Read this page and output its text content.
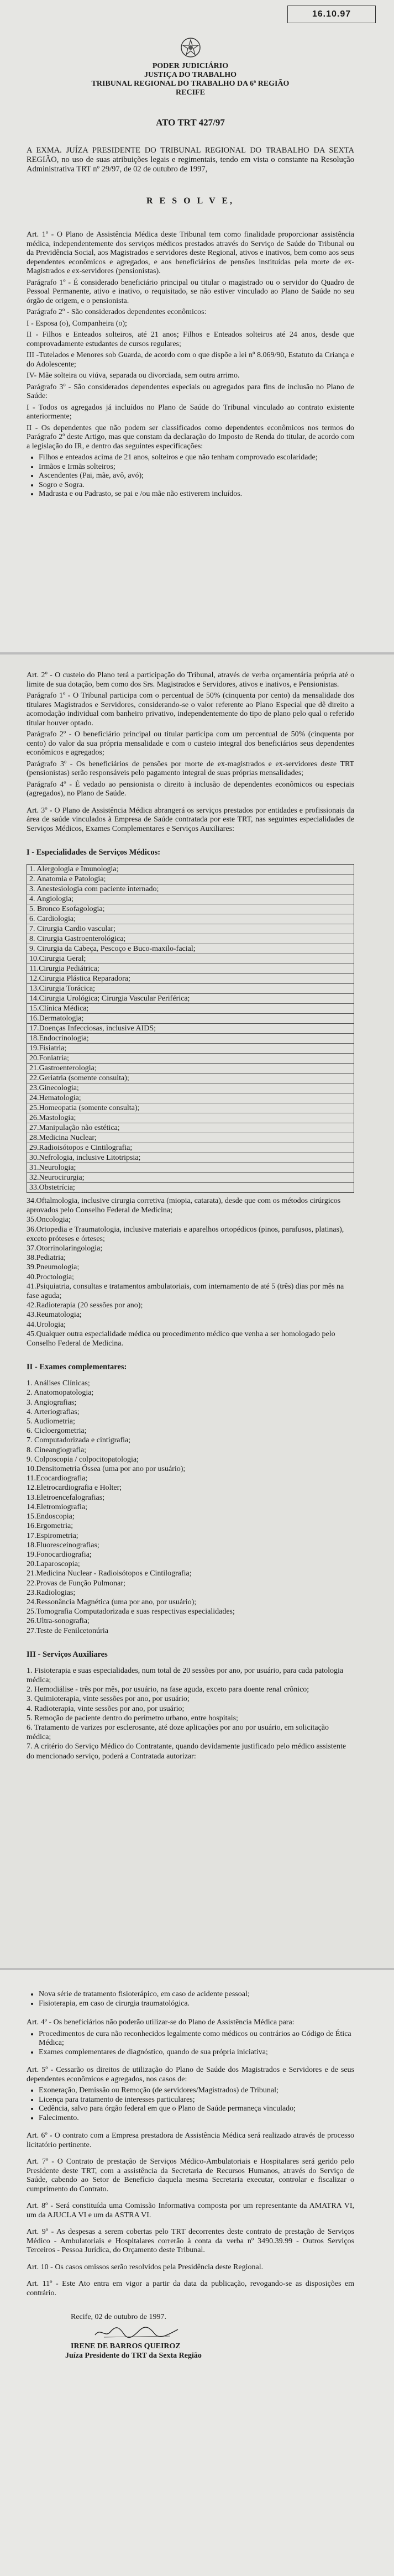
16.10.97

PODER JUDICIÁRIO

JUSTIÇA DO TRABALHO

TRIBUNAL REGIONAL DO TRABALHO DA 6ª REGIÃO

RECIFE

ATO TRT 427/97

A EXMA. JUÍZA PRESIDENTE DO TRIBUNAL REGIONAL DO TRABALHO DA SEXTA REGIÃO, no uso de suas atribuições legais e regimentais, tendo em vista o constante na Resolução Administrativa TRT nº 29/97, de 02 de outubro de 1997,

R E S O L V E,

Art. 1º - O Plano de Assistência Médica deste Tribunal tem como finalidade proporcionar assistência médica, independentemente dos serviços médicos prestados através do Serviço de Saúde do Tribunal ou da Previdência Social, aos Magistrados e servidores deste Regional, ativos e inativos, bem como aos seus dependentes econômicos e agregados, e aos beneficiários de pensões instituídas pela morte de ex-Magistrados e ex-servidores (pensionistas).

Parágrafo 1º - É considerado beneficiário principal ou titular o magistrado ou o servidor do Quadro de Pessoal Permanente, ativo e inativo, o requisitado, se não estiver vinculado ao Plano de Saúde no seu órgão de origem, e o pensionista.

Parágrafo 2º - São considerados dependentes econômicos:

I - Esposa (o), Companheira (o);

II - Filhos e Enteados solteiros, até 21 anos; Filhos e Enteados solteiros até 24 anos, desde que comprovadamente estudantes de cursos regulares;

III -Tutelados e Menores sob Guarda, de acordo com o que dispõe a lei nº 8.069/90, Estatuto da Criança e do Adolescente;

IV- Mãe solteira ou viúva, separada ou divorciada, sem outra arrimo.

Parágrafo 3º - São considerados dependentes especiais ou agregados para fins de inclusão no Plano de Saúde:

I - Todos os agregados já incluídos no Plano de Saúde do Tribunal vinculado ao contrato existente anteriormente;

II - Os dependentes que não podem ser classificados como dependentes econômicos nos termos do Parágrafo 2º deste Artigo, mas que constam da declaração do Imposto de Renda do titular, de acordo com a legislação do IR, e dentro das seguintes especificações:

• Filhos e enteados acima de 21 anos, solteiros e que não tenham comprovado escolaridade;
• Irmãos e Irmãs solteiros;
• Ascendentes (Pai, mãe, avô, avó);
• Sogro e Sogra.
• Madrasta e ou Padrasto, se pai e /ou mãe não estiverem incluídos.

Art. 2º - O custeio do Plano terá a participação do Tribunal, através de verba orçamentária própria até o limite de sua dotação, bem como dos Srs. Magistrados e Servidores, ativos e inativos, e Pensionistas.

Parágrafo 1º - O Tribunal participa com o percentual de 50% (cinquenta por cento) da mensalidade dos titulares Magistrados e Servidores, considerando-se o valor referente ao Plano Especial que dê direito a acomodação individual com banheiro privativo, independentemente do tipo de plano pelo qual o referido titular houver optado.

Parágrafo 2º - O beneficiário principal ou titular participa com um percentual de 50% (cinquenta por cento) do valor da sua própria mensalidade e com o custeio integral dos beneficiários seus dependentes econômicos e agregados;

Parágrafo 3º - Os beneficiários de pensões por morte de ex-magistrados e ex-servidores deste TRT (pensionistas) serão responsáveis pelo pagamento integral de suas próprias mensalidades;

Parágrafo 4º - É vedado ao pensionista o direito à inclusão de dependentes econômicos ou especiais (agregados), no Plano de Saúde.

Art. 3º - O Plano de Assistência Médica abrangerá os serviços prestados por entidades e profissionais da área de saúde vinculados à Empresa de Saúde contratada por este TRT, nas seguintes especialidades de Serviços Médicos, Exames Complementares e Serviços Auxiliares:

I - Especialidades de Serviços Médicos:
1. Alergologia e Imunologia;
2. Anatomia e Patologia;
3. Anestesiologia com paciente internado;
4. Angiologia;
5. Bronco Esofagologia;
6. Cardiologia;
7. Cirurgia Cardio vascular;
8. Cirurgia Gastroenterológica;
9. Cirurgia da Cabeça, Pescoço e Buco-maxilo-facial;
10.Cirurgia Geral;
11.Cirurgia Pediátrica;
12.Cirurgia Plástica Reparadora;
13.Cirurgia Torácica;
14.Cirurgia Urológica; Cirurgia Vascular Periférica;
15.Clínica Médica;
16.Dermatologia;
17.Doenças Infecciosas, inclusive AIDS;
18.Endocrinologia;
19.Fisiatria;
20.Foniatria;
21.Gastroenterologia;
22.Geriatria (somente consulta);
23.Ginecologia;
24.Hematologia;
25.Homeopatia (somente consulta);
26.Mastologia;
27.Manipulação não estética;
28.Medicina Nuclear;
29.Radioisótopos e Cintilografia;
30.Nefrologia, inclusive Litotripsia;
31.Neurologia;
32.Neurocirurgia;
33.Obstetrícia;
34.Oftalmologia, inclusive cirurgia corretiva (miopia, catarata), desde que com os métodos cirúrgicos aprovados pelo Conselho Federal de Medicina;
35.Oncologia;
36.Ortopedia e Traumatologia, inclusive materiais e aparelhos ortopédicos (pinos, parafusos, platinas), exceto próteses e órteses;
37.Otorrinolaringologia;
38.Pediatria;
39.Pneumologia;
40.Proctologia;
41.Psiquiatria, consultas e tratamentos ambulatoriais, com internamento de até 5 (três) dias por mês na fase aguda;
42.Radioterapia (20 sessões por ano);
43.Reumatologia;
44.Urologia;
45.Qualquer outra especialidade médica ou procedimento médico que venha a ser homologado pelo Conselho Federal de Medicina.
II - Exames complementares:
1. Análises Clínicas;
2. Anatomopatologia;
3. Angiografias;
4. Arteriografias;
5. Audiometria;
6. Cicloergometria;
7. Computadorizada e cintigrafia;
8. Cineangiografia;
9. Colposcopia / colpocitopatologia;
10.Densitometria Óssea (uma por ano por usuário);
11.Ecocardiografia;
12.Eletrocardiografia e Holter;
13.Eletroencefalografias;
14.Eletromiografia;
15.Endoscopia;
16.Ergometria;
17.Espirometria;
18.Fluoresceinografias;
19.Fonocardiografia;
20.Laparoscopia;
21.Medicina Nuclear - Radioisótopos e Cintilografia;
22.Provas de Função Pulmonar;
23.Radiologias;
24.Ressonância Magnética (uma por ano, por usuário);
25.Tomografia Computadorizada e suas respectivas especialidades;
26.Ultra-sonografia;
27.Teste de Fenilcetonúria
III - Serviços Auxiliares
1. Fisioterapia e suas especialidades, num total de 20 sessões por ano, por usuário, para cada patologia médica;
2. Hemodiálise - três por mês, por usuário, na fase aguda, exceto para doente renal crônico;
3. Quimioterapia, vinte sessões por ano, por usuário;
4. Radioterapia, vinte sessões por ano, por usuário;
5. Remoção de paciente dentro do perímetro urbano, entre hospitais;
6. Tratamento de varizes por esclerosante, até doze aplicações por ano por usuário, em solicitação médica;
7. A critério do Serviço Médico do Contratante, quando devidamente justificado pelo médico assistente do mencionado serviço, poderá a Contratada autorizar:
• Nova série de tratamento fisioterápico, em caso de acidente pessoal;
• Fisioterapia, em caso de cirurgia traumatológica.

Art. 4º - Os beneficiários não poderão utilizar-se do Plano de Assistência Médica para:

• Procedimentos de cura não reconhecidos legalmente como médicos ou contrários ao Código de Ética Médica;
• Exames complementares de diagnóstico, quando de sua própria iniciativa;

Art. 5º - Cessarão os direitos de utilização do Plano de Saúde dos Magistrados e Servidores e de seus dependentes econômicos e agregados, nos casos de:

• Exoneração, Demissão ou Remoção (de servidores/Magistrados) de Tribunal;
• Licença para tratamento de interesses particulares;
• Cedência, salvo para órgão federal em que o Plano de Saúde permaneça vinculado;
• Falecimento.

Art. 6º - O contrato com a Empresa prestadora de Assistência Médica será realizado através de processo licitatório pertinente.

Art. 7º - O Contrato de prestação de Serviços Médico-Ambulatoriais e Hospitalares será gerido pelo Presidente deste TRT, com a assistência da Secretaria de Recursos Humanos, através do Serviço de Saúde, cabendo ao Setor de Benefício daquela mesma Secretaria executar, controlar e fiscalizar o cumprimento do Contrato.

Art. 8º - Será constituída uma Comissão Informativa composta por um representante da AMATRA VI, um da AJUCLA VI e um da ASTRA VI.

Art. 9º - As despesas a serem cobertas pelo TRT decorrentes deste contrato de prestação de Serviços Médico - Ambulatoriais e Hospitalares correrão à conta da verba nº 3490.39.99 - Outros Serviços Terceiros - Pessoa Jurídica, do Orçamento deste Tribunal.

Art. 10 - Os casos omissos serão resolvidos pela Presidência deste Regional.

Art. 11º - Este Ato entra em vigor a partir da data da publicação, revogando-se as disposições em contrário.

Recife, 02 de outubro de 1997.
IRENE DE BARROS QUEIROZ
Juíza Presidente do TRT da Sexta Região
